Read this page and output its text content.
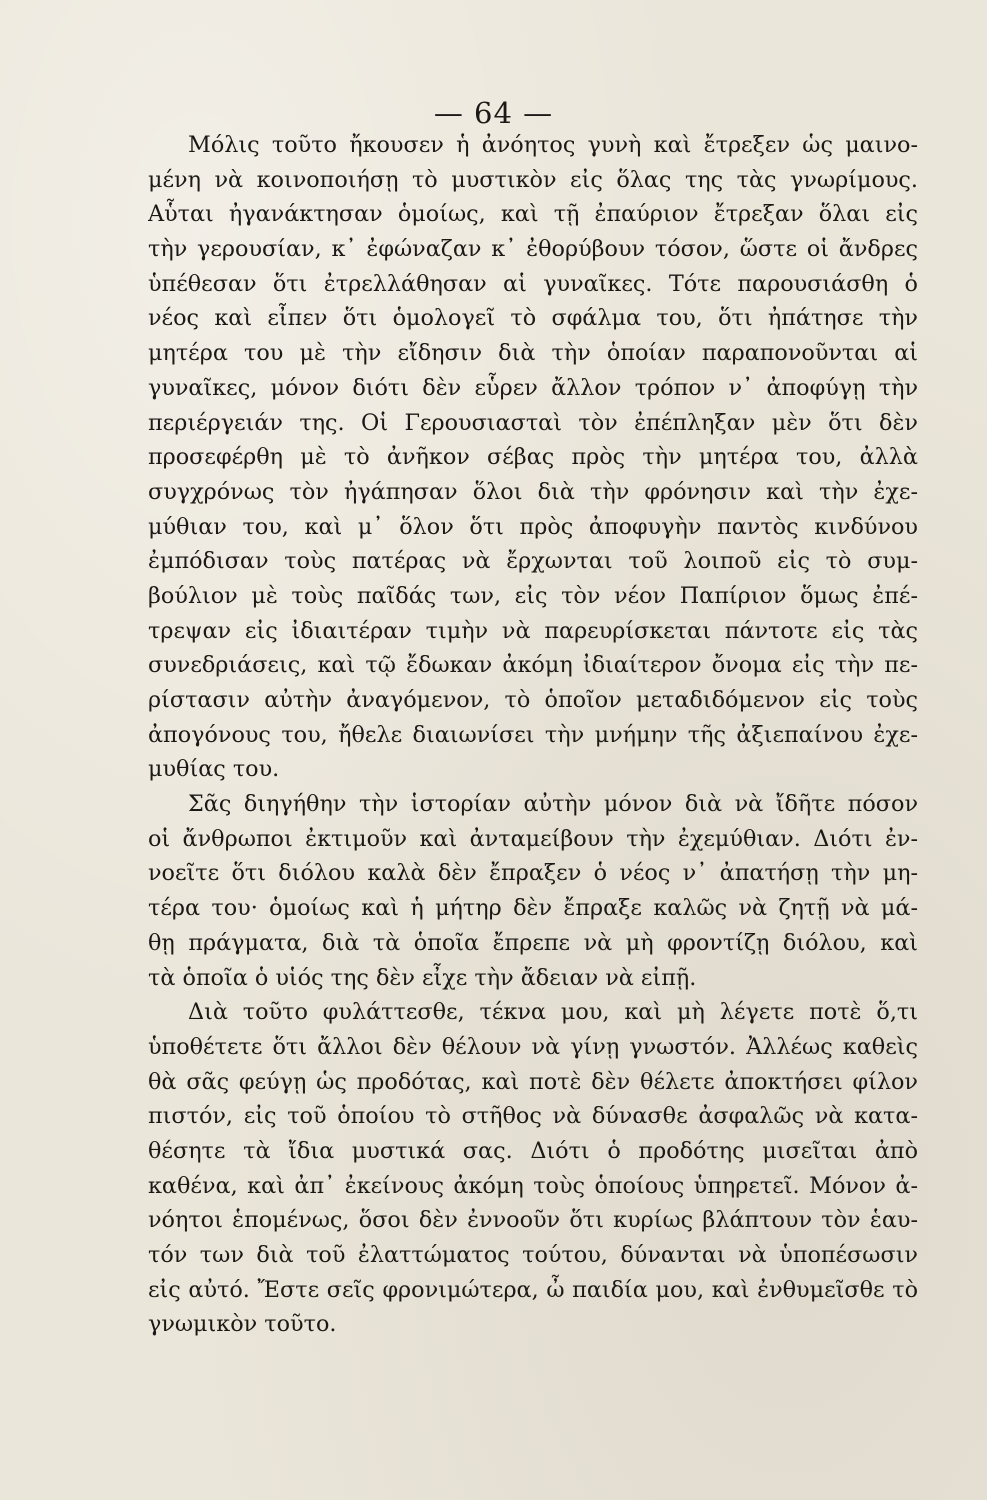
— 64 —
Μόλις τοῦτο ἤκουσεν ἡ ἀνόητος γυνὴ καὶ ἔτρεξεν ὡς μαινο-
μένη νὰ κοινοποιήσῃ τὸ μυστικὸν εἰς ὅλας της τὰς γνωρίμους.
Αὗται ἠγανάκτησαν ὁμοίως, καὶ τῇ ἐπαύριον ἔτρεξαν ὅλαι εἰς
τὴν γερουσίαν, κ᾽ ἐφώναζαν κ᾽ ἐθορύβουν τόσον, ὥστε οἱ ἄνδρες
ὑπέθεσαν ὅτι ἐτρελλάθησαν αἱ γυναῖκες. Τότε παρουσιάσθη ὁ
νέος καὶ εἶπεν ὅτι ὁμολογεῖ τὸ σφάλμα του, ὅτι ἠπάτησε τὴν
μητέρα του μὲ τὴν εἴδησιν διὰ τὴν ὁποίαν παραπονοῦνται αἱ
γυναῖκες, μόνον διότι δὲν εὗρεν ἄλλον τρόπον ν᾽ ἀποφύγῃ τὴν
περιέργειάν της. Οἱ Γερουσιασταὶ τὸν ἐπέπληξαν μὲν ὅτι δὲν
προσεφέρθη μὲ τὸ ἀνῆκον σέβας πρὸς τὴν μητέρα του, ἀλλὰ
συγχρόνως τὸν ἠγάπησαν ὅλοι διὰ τὴν φρόνησιν καὶ τὴν ἐχε-
μύθιαν του, καὶ μ᾽ ὅλον ὅτι πρὸς ἀποφυγὴν παντὸς κινδύνου
ἐμπόδισαν τοὺς πατέρας νὰ ἔρχωνται τοῦ λοιποῦ εἰς τὸ συμ-
βούλιον μὲ τοὺς παῖδάς των, εἰς τὸν νέον Παπίριον ὅμως ἐπέ-
τρεψαν εἰς ἰδιαιτέραν τιμὴν νὰ παρευρίσκεται πάντοτε εἰς τὰς
συνεδριάσεις, καὶ τῷ ἔδωκαν ἀκόμη ἰδιαίτερον ὄνομα εἰς τὴν πε-
ρίστασιν αὐτὴν ἀναγόμενον, τὸ ὁποῖον μεταδιδόμενον εἰς τοὺς
ἀπογόνους του, ἤθελε διαιωνίσει τὴν μνήμην τῆς ἀξιεπαίνου ἐχε-
μυθίας του.
Σᾶς διηγήθην τὴν ἱστορίαν αὐτὴν μόνον διὰ νὰ ἴδῆτε πόσον
οἱ ἄνθρωποι ἐκτιμοῦν καὶ ἀνταμείβουν τὴν ἐχεμύθιαν. Διότι ἐν-
νοεῖτε ὅτι διόλου καλὰ δὲν ἔπραξεν ὁ νέος ν᾽ ἀπατήσῃ τὴν μη-
τέρα του· ὁμοίως καὶ ἡ μήτηρ δὲν ἔπραξε καλῶς νὰ ζητῇ νὰ μά-
θῃ πράγματα, διὰ τὰ ὁποῖα ἔπρεπε νὰ μὴ φροντίζῃ διόλου, καὶ
τὰ ὁποῖα ὁ υἱός της δὲν εἶχε τὴν ἄδειαν νὰ εἰπῇ.
Διὰ τοῦτο φυλάττεσθε, τέκνα μου, καὶ μὴ λέγετε ποτὲ ὅ,τι
ὑποθέτετε ὅτι ἄλλοι δὲν θέλουν νὰ γίνῃ γνωστόν. Ἀλλέως καθεὶς
θὰ σᾶς φεύγῃ ὡς προδότας, καὶ ποτὲ δὲν θέλετε ἀποκτήσει φίλον
πιστόν, εἰς τοῦ ὁποίου τὸ στῆθος νὰ δύνασθε ἀσφαλῶς νὰ κατα-
θέσητε τὰ ἴδια μυστικά σας. Διότι ὁ προδότης μισεῖται ἀπὸ
καθένα, καὶ ἀπ᾽ ἐκείνους ἀκόμη τοὺς ὁποίους ὑπηρετεῖ. Μόνον ἀ-
νόητοι ἑπομένως, ὅσοι δὲν ἐννοοῦν ὅτι κυρίως βλάπτουν τὸν ἑαυ-
τόν των διὰ τοῦ ἐλαττώματος τούτου, δύνανται νὰ ὑποπέσωσιν
εἰς αὐτό. Ἔστε σεῖς φρονιμώτερα, ὦ παιδία μου, καὶ ἐνθυμεῖσθε τὸ
γνωμικὸν τοῦτο.
